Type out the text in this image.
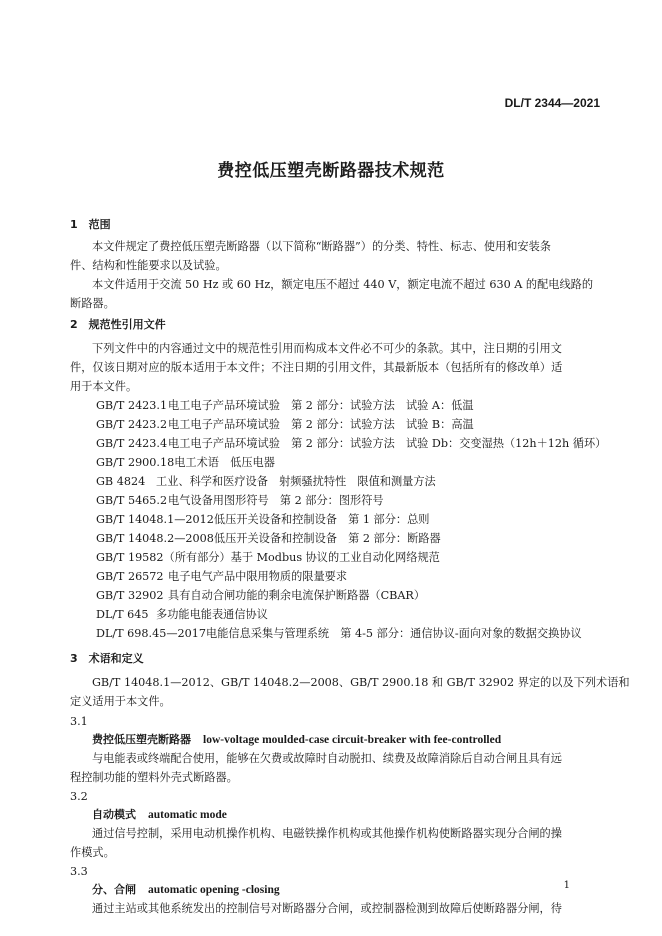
DL/T 2344—2021
费控低压塑壳断路器技术规范
1　范围
本文件规定了费控低压塑壳断路器（以下简称“断路器”）的分类、特性、标志、使用和安装条
件、结构和性能要求以及试验。
本文件适用于交流 50 Hz 或 60 Hz，额定电压不超过 440 V，额定电流不超过 630 A 的配电线路的
断路器。
2　规范性引用文件
下列文件中的内容通过文中的规范性引用而构成本文件必不可少的条款。其中，注日期的引用文
件，仅该日期对应的版本适用于本文件；不注日期的引用文件，其最新版本（包括所有的修改单）适
用于本文件。
GB/T 2423.1电工电子产品环境试验　第 2 部分：试验方法　试验 A：低温
GB/T 2423.2电工电子产品环境试验　第 2 部分：试验方法　试验 B：高温
GB/T 2423.4电工电子产品环境试验　第 2 部分：试验方法　试验 Db：交变湿热（12h＋12h 循环）
GB/T 2900.18电工术语　低压电器
GB 4824 工业、科学和医疗设备　射频骚扰特性　限值和测量方法
GB/T 5465.2电气设备用图形符号　第 2 部分：图形符号
GB/T 14048.1—2012低压开关设备和控制设备　第 1 部分：总则
GB/T 14048.2—2008低压开关设备和控制设备　第 2 部分：断路器
GB/T 19582（所有部分）基于 Modbus 协议的工业自动化网络规范
GB/T 26572 电子电气产品中限用物质的限量要求
GB/T 32902 具有自动合闸功能的剩余电流保护断路器（CBAR）
DL/T 645 多功能电能表通信协议
DL/T 698.45—2017电能信息采集与管理系统　第 4-5 部分：通信协议-面向对象的数据交换协议
3　术语和定义
GB/T 14048.1—2012、GB/T 14048.2—2008、GB/T 2900.18 和 GB/T 32902 界定的以及下列术语和
定义适用于本文件。
3.1
费控低压塑壳断路器 low-voltage moulded-case circuit-breaker with fee-controlled
与电能表或终端配合使用，能够在欠费或故障时自动脱扣、续费及故障消除后自动合闸且具有远
程控制功能的塑料外壳式断路器。
3.2
自动模式 automatic mode
通过信号控制，采用电动机操作机构、电磁铁操作机构或其他操作机构使断路器实现分合闸的操
作模式。
3.3
分、合闸 automatic opening -closing
通过主站或其他系统发出的控制信号对断路器分合闸，或控制器检测到故障后使断路器分闸，待
1
